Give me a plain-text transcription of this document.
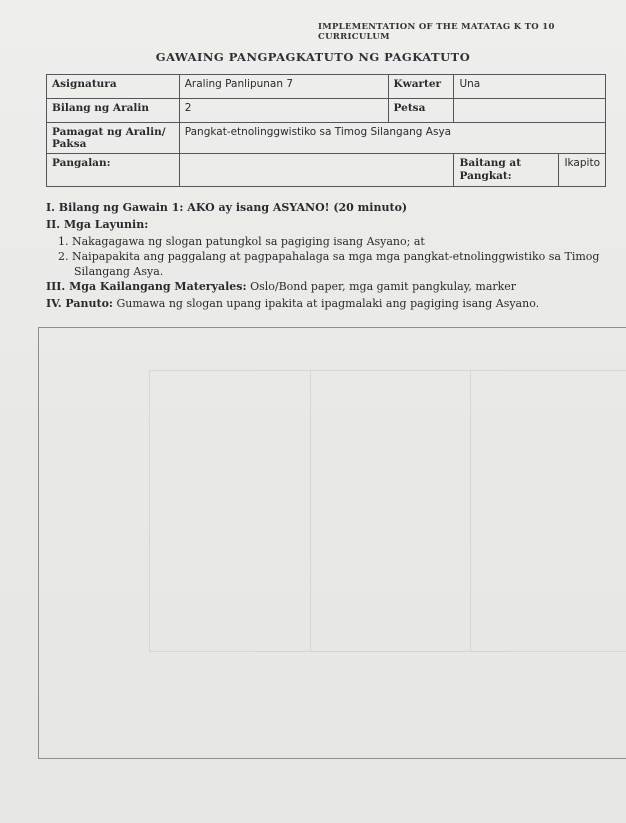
IMPLEMENTATION OF THE MATATAG K TO 10 CURRICULUM
GAWAING PANGPAGKATUTO NG PAGKATUTO
Asignatura	Araling Panlipunan 7	Kwarter	Una	
Bilang ng Aralin	2	Petsa		
Pamagat ng Aralin/ Paksa	Pangkat-etnolinggwistiko sa Timog Silangang Asya			
Pangalan:			Baitang at Pangkat:	Ikapito
I. Bilang ng Gawain 1: AKO ay isang ASYANO! (20 minuto)
II. Mga Layunin:
1. Nakagagawa ng slogan patungkol sa pagiging isang Asyano; at
2. Naipapakita ang paggalang at pagpapahalaga sa mga mga pangkat-etnolinggwistiko sa Timog Silangang Asya.
III. Mga Kailangang Materyales: Oslo/Bond paper, mga gamit pangkulay, marker
IV. Panuto: Gumawa ng slogan upang ipakita at ipagmalaki ang pagiging isang Asyano.
